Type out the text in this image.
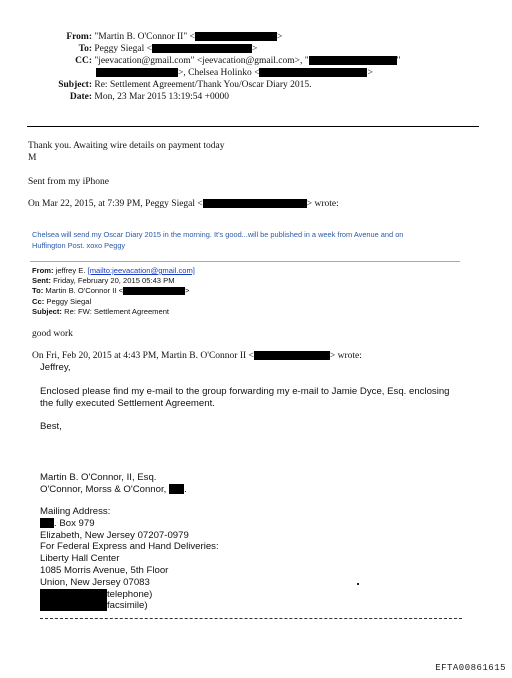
From: "Martin B. O'Connor II" <	>
To: Peggy Siegal <	>
CC: "jeevacation@gmail.com" <jeevacation@gmail.com>, "	"
>, Chelsea Holinko <	>
Subject: Re: Settlement Agreement/Thank You/Oscar Diary 2015.
Date: Mon, 23 Mar 2015 13:19:54 +0000
Thank you. Awaiting wire details on payment today
M
Sent from my iPhone
On Mar 22, 2015, at 7:39 PM, Peggy Siegal <	> wrote:
Chelsea will send my Oscar Diary 2015 in the morning. It's good...will be published in a week from Avenue and on
Huffington Post. xoxo Peggy
From: jeffrey E. [mailto:jeevacation@gmail.com]
Sent: Friday, February 20, 2015 05:43 PM
To: Martin B. O'Connor II <	>
Cc: Peggy Siegal
Subject: Re: FW: Settlement Agreement
good work
On Fri, Feb 20, 2015 at 4:43 PM, Martin B. O'Connor II <	> wrote:
Jeffrey,
Enclosed please find my e-mail to the group forwarding my e-mail to Jamie Dyce, Esq. enclosing
the fully executed Settlement Agreement.
Best,
Martin B. O'Connor, II, Esq.
O'Connor, Morss & O'Connor, .
Mailing Address:
. Box 979
Elizabeth, New Jersey 07207-0979
For Federal Express and Hand Deliveries:
Liberty Hall Center
1085 Morris Avenue, 5th Floor
Union, New Jersey 07083
telephone)
facsimile)
EFTA00861615
